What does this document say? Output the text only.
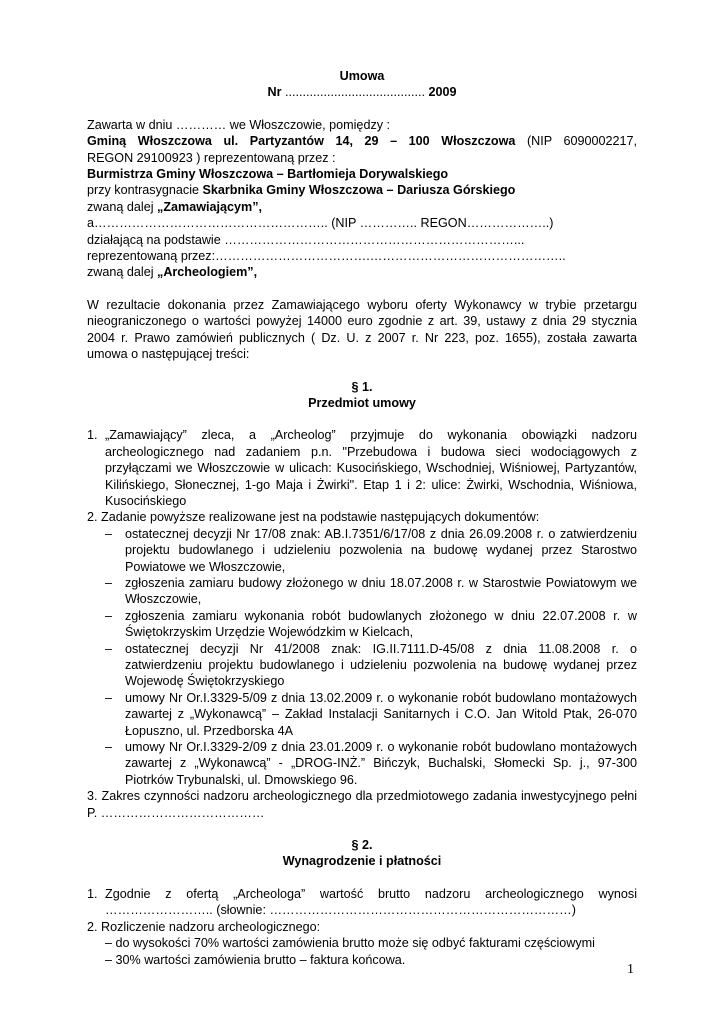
Umowa

Nr ........................................ 2009

Zawarta w dniu ………… we Włoszczowie, pomiędzy :

Gminą Włoszczowa ul. Partyzantów 14, 29 – 100 Włoszczowa (NIP 6090002217,

REGON 29100923 ) reprezentowaną przez :

Burmistrza Gminy Włoszczowa – Bartłomieja Dorywalskiego

przy kontrasygnacie Skarbnika Gminy Włoszczowa – Dariusza Górskiego

zwaną dalej „Zamawiającym”,

a……………………………………………….. (NIP ………….. REGON………………..)

działającą na podstawie ……………………………………………………………...

reprezentowaną przez:……………………………….………………………………………..

zwaną dalej „Archeologiem”,

W rezultacie dokonania przez Zamawiającego wyboru oferty Wykonawcy w trybie przetargu nieograniczonego o wartości powyżej 14000 euro zgodnie z art. 39, ustawy z dnia 29 stycznia 2004 r. Prawo zamówień publicznych ( Dz. U. z 2007 r. Nr 223, poz. 1655), została zawarta umowa o następującej treści:

§ 1.

Przedmiot umowy

1. „Zamawiający” zleca, a „Archeolog” przyjmuje do wykonania obowiązki nadzoru archeologicznego nad zadaniem p.n. "Przebudowa i budowa sieci wodociągowych z przyłączami we Włoszczowie w ulicach: Kusocińskiego, Wschodniej, Wiśniowej, Partyzantów, Kilińskiego, Słonecznej, 1-go Maja i Żwirki". Etap 1 i 2: ulice: Żwirki, Wschodnia, Wiśniowa, Kusocińskiego

2. Zadanie powyższe realizowane jest na podstawie następujących dokumentów:

– ostatecznej decyzji Nr 17/08 znak: AB.I.7351/6/17/08 z dnia 26.09.2008 r. o zatwierdzeniu projektu budowlanego i udzieleniu pozwolenia na budowę wydanej przez Starostwo Powiatowe we Włoszczowie,

– zgłoszenia zamiaru budowy złożonego w dniu 18.07.2008 r. w Starostwie Powiatowym we Włoszczowie,

– zgłoszenia zamiaru wykonania robót budowlanych złożonego w dniu 22.07.2008 r. w Świętokrzyskim Urzędzie Wojewódzkim w Kielcach,

– ostatecznej decyzji Nr 41/2008 znak: IG.II.7111.D-45/08 z dnia 11.08.2008 r. o zatwierdzeniu projektu budowlanego i udzieleniu pozwolenia na budowę wydanej przez Wojewodę Świętokrzyskiego

– umowy Nr Or.I.3329-5/09 z dnia 13.02.2009 r. o wykonanie robót budowlano montażowych zawartej z „Wykonawcą” – Zakład Instalacji Sanitarnych i C.O. Jan Witold Ptak, 26-070 Łopuszno, ul. Przedborska 4A

– umowy Nr Or.I.3329-2/09 z dnia 23.01.2009 r. o wykonanie robót budowlano montażowych zawartej z „Wykonawcą” - „DROG-INŻ.” Bińczyk, Buchalski, Słomecki Sp. j., 97-300 Piotrków Trybunalski, ul. Dmowskiego 96.

3. Zakres czynności nadzoru archeologicznego dla przedmiotowego zadania inwestycyjnego pełni P. …………………………………

§ 2.

Wynagrodzenie i płatności

1. Zgodnie z ofertą „Archeologa” wartość brutto nadzoru archeologicznego wynosi …………………….. (słownie: ………………………………………………………………)

2. Rozliczenie nadzoru archeologicznego:

– do wysokości 70% wartości zamówienia brutto może się odbyć fakturami częściowymi

– 30% wartości zamówienia brutto – faktura końcowa.

1
